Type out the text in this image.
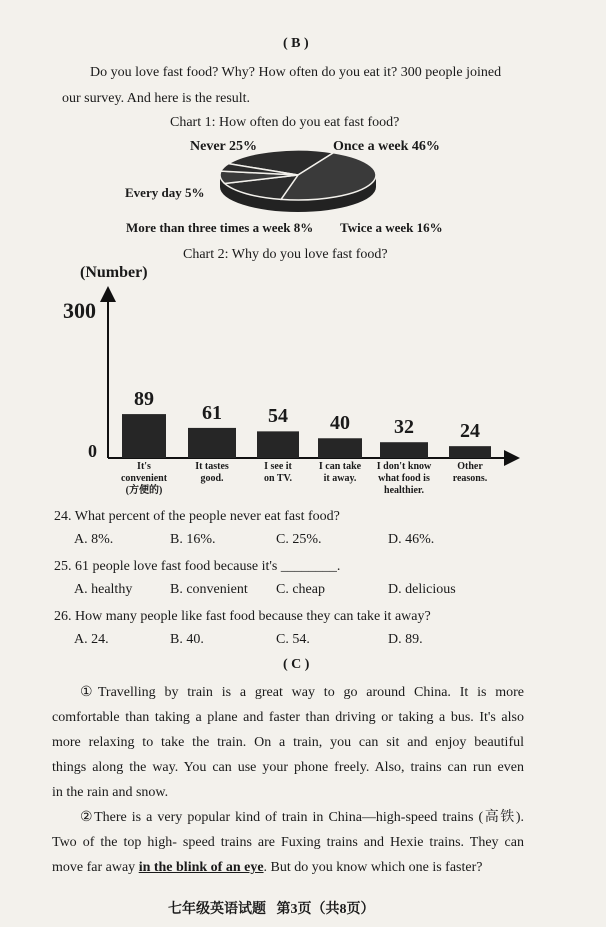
( B )
Do you love fast food? Why? How often do you eat it? 300 people joined
our survey. And here is the result.
Chart 1: How often do you eat fast food?
Never 25%	Once a week 46%
Twice a week 16%
More than three times a week 8%
Every day 5%
Chart 2: Why do you love fast food?
(Number)
300
0
89
It's
convenient
(方便的)
61
It tastes
good.
54
I see it
on TV.
40
I can take
it away.
32
I don't know
what food is
healthier.
24
Other
reasons.
24. What percent of the people never eat fast food?
A. 8%.	B. 16%.	C. 25%.	D. 46%.
25. 61 people love fast food because it's ________.
A. healthy	B. convenient C. cheap	D. delicious
26. How many people like fast food because they can take it away?
A. 24.	B. 40.	C. 54.	D. 89.
( C )
①Travelling by train is a great way to go around China. It is more
comfortable than taking a plane and faster than driving or taking a bus. It's also
more relaxing to take the train. On a train, you can sit and enjoy beautiful
things along the way. You can use your phone freely. Also, trains can run even
in the rain and snow.
②There is a very popular kind of train in China—high-speed trains (高铁).
Two of the top high- speed trains are Fuxing trains and Hexie trains. They can
move far away in the blink of an eye. But do you know which one is faster?
七年级英语试题   第3页（共8页）
